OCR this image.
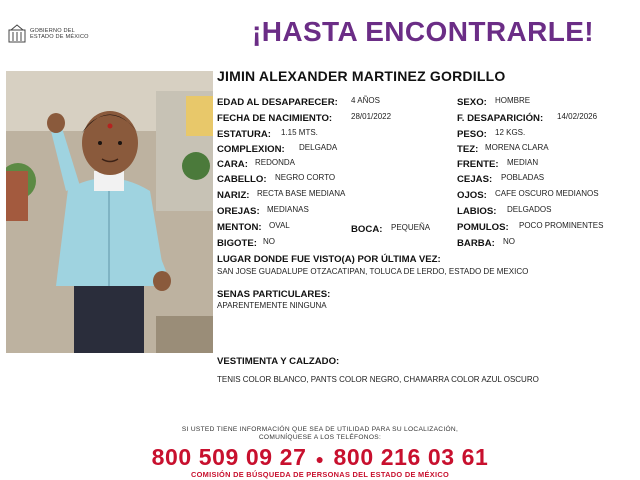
GOBIERNO DEL
ESTADO DE MÉXICO	¡HASTA ENCONTRARLE!
JIMIN ALEXANDER MARTINEZ GORDILLO
EDAD AL DESAPARECER: 4 AÑOS
FECHA DE NACIMIENTO: 28/01/2022
ESTATURA: 1.15 MTS.
COMPLEXION: DELGADA
CARA: REDONDA
CABELLO: NEGRO CORTO
NARIZ: RECTA BASE MEDIANA
OREJAS: MEDIANAS
MENTON: OVAL	BOCA: PEQUEÑA
BIGOTE: NO
SEXO: HOMBRE
F. DESAPARICIÓN: 14/02/2026
PESO: 12 KGS.
TEZ: MORENA CLARA
FRENTE: MEDIAN
CEJAS: POBLADAS
OJOS: CAFE OSCURO MEDIANOS
LABIOS: DELGADOS
POMULOS: POCO PROMINENTES
BARBA: NO
LUGAR DONDE FUE VISTO(A) POR ÚLTIMA VEZ:
SAN JOSE GUADALUPE OTZACATIPAN, TOLUCA DE LERDO, ESTADO DE MEXICO
SENAS PARTICULARES:
APARENTEMENTE NINGUNA
VESTIMENTA Y CALZADO:
TENIS COLOR BLANCO, PANTS COLOR NEGRO, CHAMARRA COLOR AZUL OSCURO
SI USTED TIENE INFORMACIÓN QUE SEA DE UTILIDAD PARA SU LOCALIZACIÓN,
COMUNÍQUESE A LOS TELÉFONOS:
800 509 09 27 ● 800 216 03 61
COMISIÓN DE BÚSQUEDA DE PERSONAS DEL ESTADO DE MÉXICO
